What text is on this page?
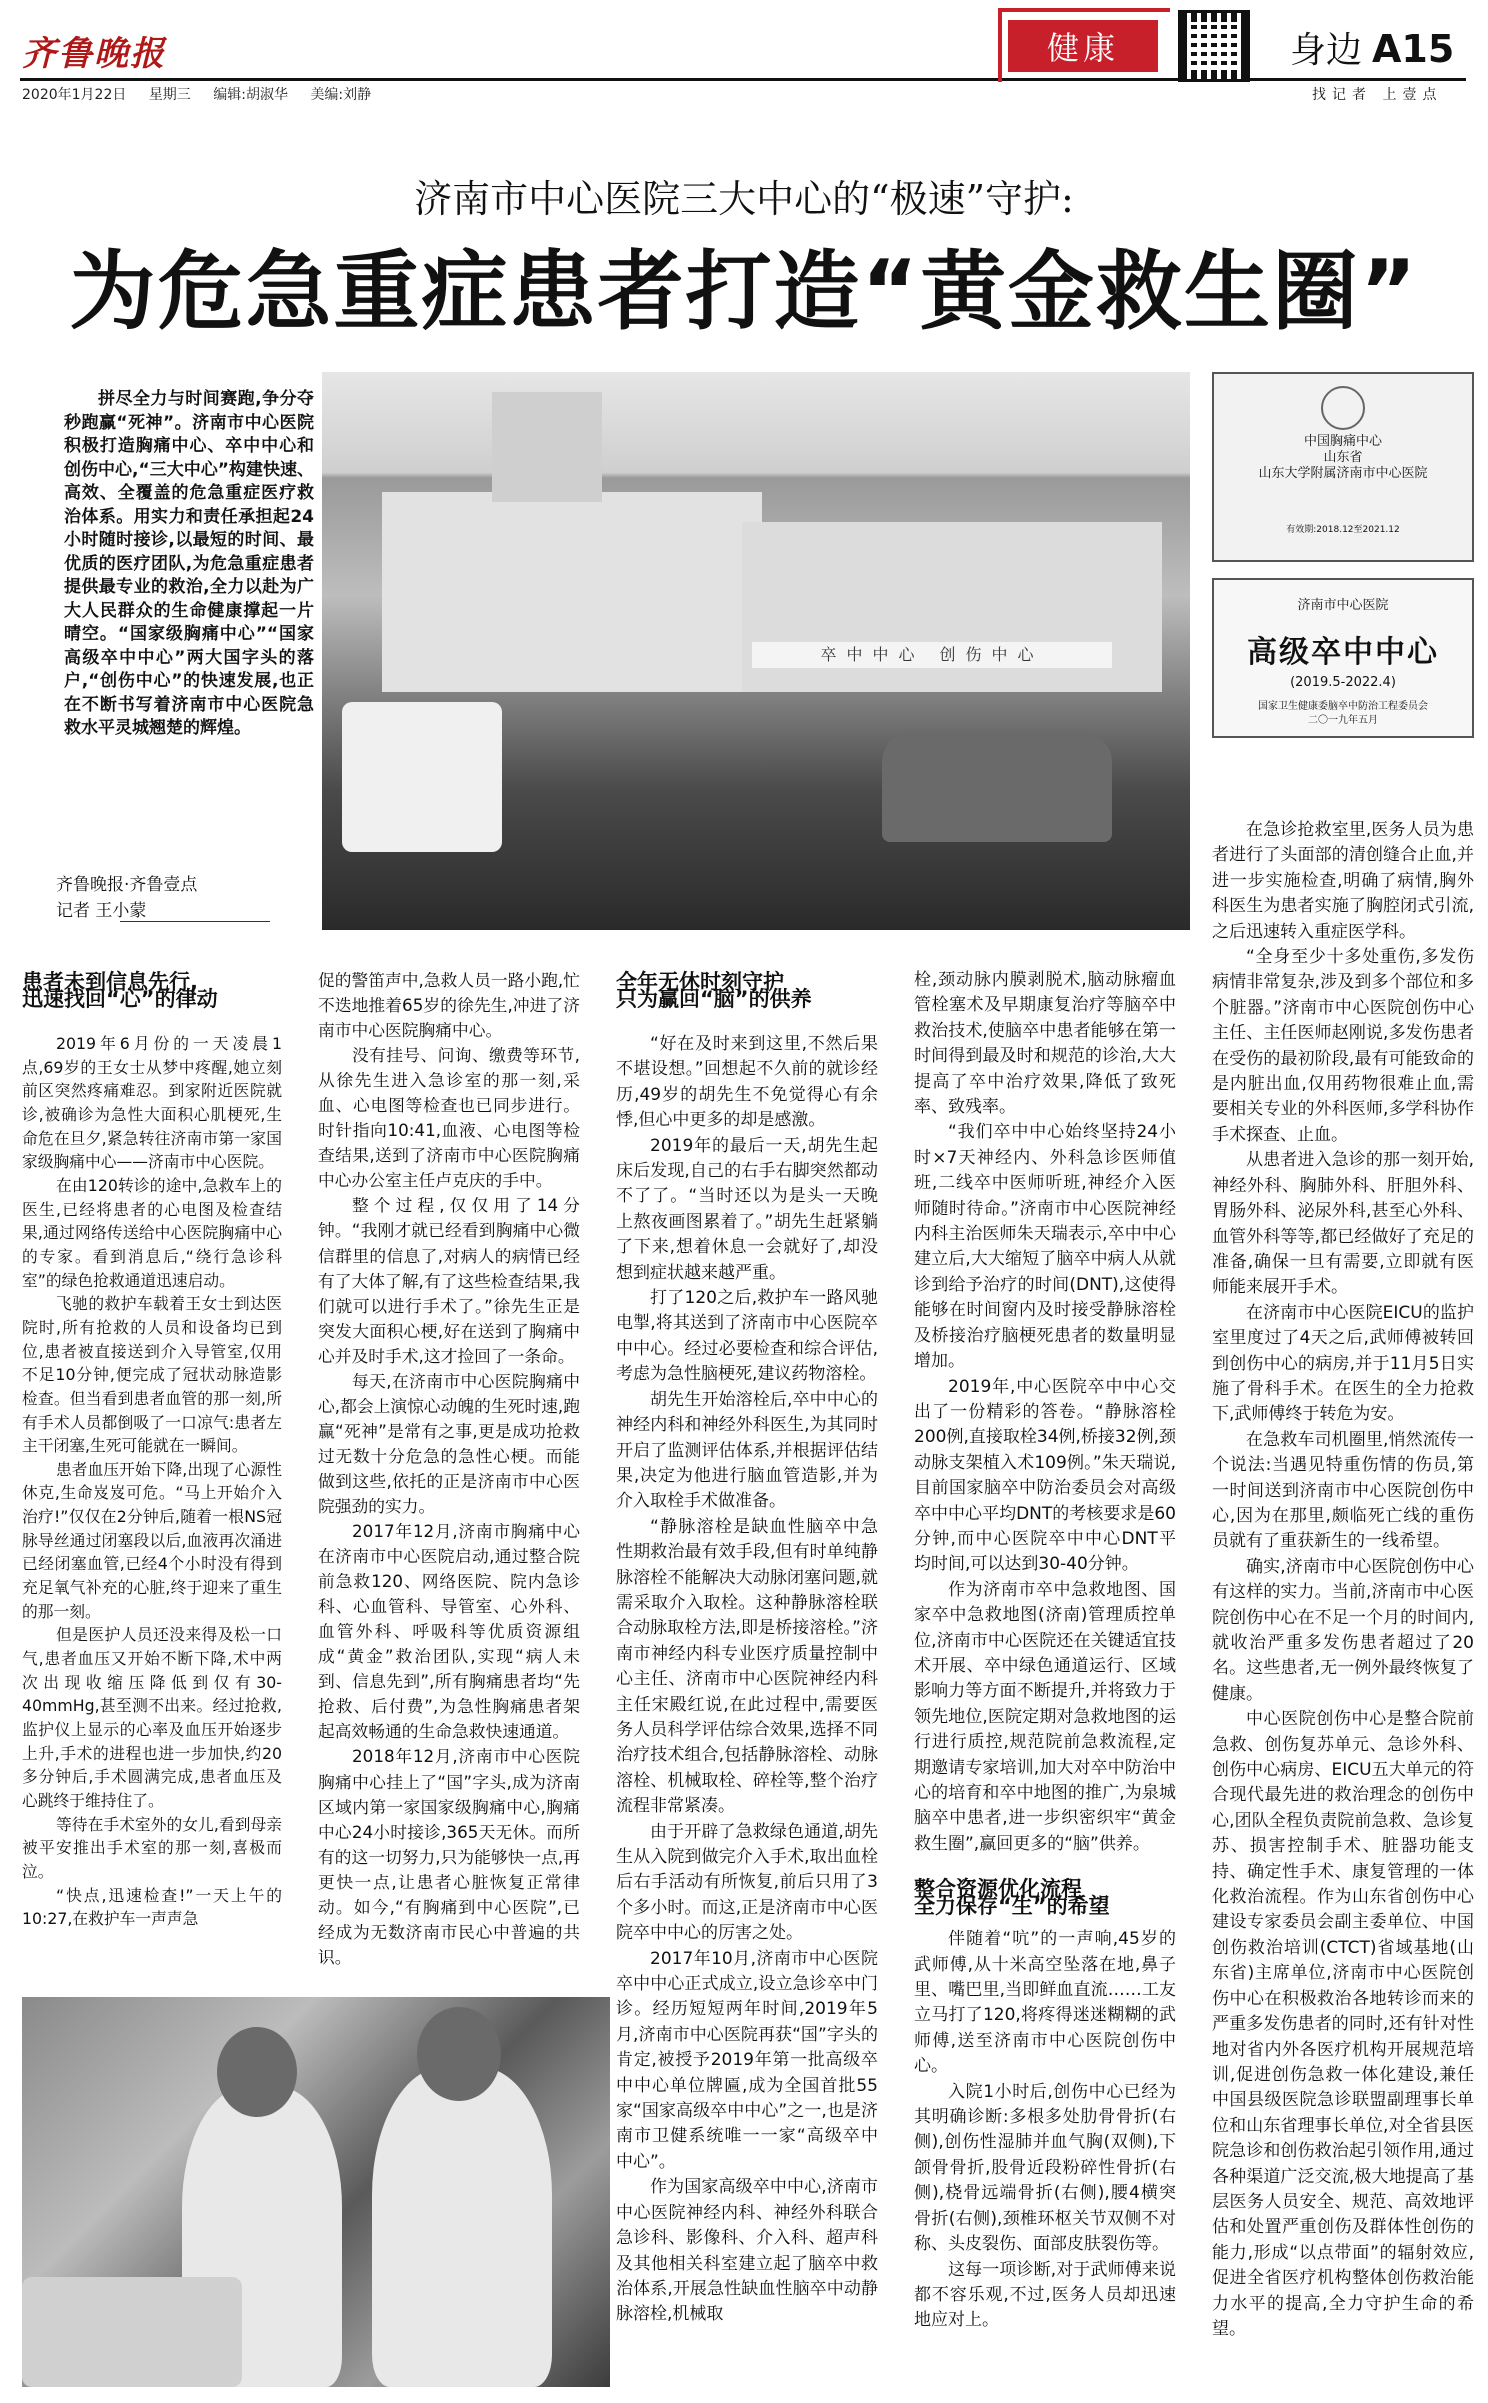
齐鲁晚报
2020年1月22日 星期三 编辑:胡淑华 美编:刘静
健康	身边 A15
找记者 上壹点
济南市中心医院三大中心的“极速”守护:
为危急重症患者打造“黄金救生圈”
拼尽全力与时间赛跑,争分夺秒跑赢“死神”。济南市中心医院积极打造胸痛中心、卒中中心和创伤中心,“三大中心”构建快速、高效、全覆盖的危急重症医疗救治体系。用实力和责任承担起24小时随时接诊,以最短的时间、最优质的医疗团队,为危急重症患者提供最专业的救治,全力以赴为广大人民群众的生命健康撑起一片晴空。“国家级胸痛中心”“国家高级卒中中心”两大国字头的落户,“创伤中心”的快速发展,也正在不断书写着济南市中心医院急救水平灵城翘楚的辉煌。
齐鲁晚报·齐鲁壹点
记者 王小蒙
卒中中心 创伤中心
中国胸痛中心
山东省
山东大学附属济南市中心医院
有效期:2018.12至2021.12
济南市中心医院
高级卒中中心
(2019.5-2022.4)
国家卫生健康委脑卒中防治工程委员会
二〇一九年五月

在急诊抢救室里,医务人员为患者进行了头面部的清创缝合止血,并进一步实施检查,明确了病情,胸外科医生为患者实施了胸腔闭式引流,之后迅速转入重症医学科。

“全身至少十多处重伤,多发伤病情非常复杂,涉及到多个部位和多个脏器。”济南市中心医院创伤中心主任、主任医师赵刚说,多发伤患者在受伤的最初阶段,最有可能致命的是内脏出血,仅用药物很难止血,需要相关专业的外科医师,多学科协作手术探查、止血。

从患者进入急诊的那一刻开始,神经外科、胸肺外科、肝胆外科、胃肠外科、泌尿外科,甚至心外科、血管外科等等,都已经做好了充足的准备,确保一旦有需要,立即就有医师能来展开手术。

在济南市中心医院EICU的监护室里度过了4天之后,武师傅被转回到创伤中心的病房,并于11月5日实施了骨科手术。在医生的全力抢救下,武师傅终于转危为安。

在急救车司机圈里,悄然流传一个说法:当遇见特重伤情的伤员,第一时间送到济南市中心医院创伤中心,因为在那里,颇临死亡线的重伤员就有了重获新生的一线希望。

确实,济南市中心医院创伤中心有这样的实力。当前,济南市中心医院创伤中心在不足一个月的时间内,就收治严重多发伤患者超过了20名。这些患者,无一例外最终恢复了健康。

中心医院创伤中心是整合院前急救、创伤复苏单元、急诊外科、创伤中心病房、EICU五大单元的符合现代最先进的救治理念的创伤中心,团队全程负责院前急救、急诊复苏、损害控制手术、脏器功能支持、确定性手术、康复管理的一体化救治流程。作为山东省创伤中心建设专家委员会副主委单位、中国创伤救治培训(CTCT)省域基地(山东省)主席单位,济南市中心医院创伤中心在积极救治各地转诊而来的严重多发伤患者的同时,还有针对性地对省内外各医疗机构开展规范培训,促进创伤急救一体化建设,兼任中国县级医院急诊联盟副理事长单位和山东省理事长单位,对全省县医院急诊和创伤救治起引领作用,通过各种渠道广泛交流,极大地提高了基层医务人员安全、规范、高效地评估和处置严重创伤及群体性创伤的能力,形成“以点带面”的辐射效应,促进全省医疗机构整体创伤救治能力水平的提高,全力守护生命的希望。

患者未到信息先行,

迅速找回“心”的律动

2019年6月份的一天凌晨1点,69岁的王女士从梦中疼醒,她立刻前区突然疼痛难忍。到家附近医院就诊,被确诊为急性大面积心肌梗死,生命危在旦夕,紧急转往济南市第一家国家级胸痛中心——济南市中心医院。

在由120转诊的途中,急救车上的医生,已经将患者的心电图及检查结果,通过网络传送给中心医院胸痛中心的专家。看到消息后,“绕行急诊科室”的绿色抢救通道迅速启动。

飞驰的救护车载着王女士到达医院时,所有抢救的人员和设备均已到位,患者被直接送到介入导管室,仅用不足10分钟,便完成了冠状动脉造影检查。但当看到患者血管的那一刻,所有手术人员都倒吸了一口凉气:患者左主干闭塞,生死可能就在一瞬间。

患者血压开始下降,出现了心源性休克,生命岌岌可危。“马上开始介入治疗!”仅仅在2分钟后,随着一根NS冠脉导丝通过闭塞段以后,血液再次涌进已经闭塞血管,已经4个小时没有得到充足氧气补充的心脏,终于迎来了重生的那一刻。

但是医护人员还没来得及松一口气,患者血压又开始不断下降,术中两次出现收缩压降低到仅有30-40mmHg,甚至测不出来。经过抢救,监护仪上显示的心率及血压开始逐步上升,手术的进程也进一步加快,约20多分钟后,手术圆满完成,患者血压及心跳终于维持住了。

等待在手术室外的女儿,看到母亲被平安推出手术室的那一刻,喜极而泣。

“快点,迅速检查!”一天上午的10:27,在救护车一声声急

促的警笛声中,急救人员一路小跑,忙不迭地推着65岁的徐先生,冲进了济南市中心医院胸痛中心。

没有挂号、问询、缴费等环节,从徐先生进入急诊室的那一刻,采血、心电图等检查也已同步进行。时针指向10:41,血液、心电图等检查结果,送到了济南市中心医院胸痛中心办公室主任卢克庆的手中。

整个过程,仅仅用了14分钟。“我刚才就已经看到胸痛中心微信群里的信息了,对病人的病情已经有了大体了解,有了这些检查结果,我们就可以进行手术了。”徐先生正是突发大面积心梗,好在送到了胸痛中心并及时手术,这才捡回了一条命。

每天,在济南市中心医院胸痛中心,都会上演惊心动魄的生死时速,跑赢“死神”是常有之事,更是成功抢救过无数十分危急的急性心梗。而能做到这些,依托的正是济南市中心医院强劲的实力。

2017年12月,济南市胸痛中心在济南市中心医院启动,通过整合院前急救120、网络医院、院内急诊科、心血管科、导管室、心外科、血管外科、呼吸科等优质资源组成“黄金”救治团队,实现“病人未到、信息先到”,所有胸痛患者均“先抢救、后付费”,为急性胸痛患者架起高效畅通的生命急救快速通道。

2018年12月,济南市中心医院胸痛中心挂上了“国”字头,成为济南区域内第一家国家级胸痛中心,胸痛中心24小时接诊,365天无休。而所有的这一切努力,只为能够快一点,再更快一点,让患者心脏恢复正常律动。如今,“有胸痛到中心医院”,已经成为无数济南市民心中普遍的共识。

全年无休时刻守护

只为赢回“脑”的供养

“好在及时来到这里,不然后果不堪设想。”回想起不久前的就诊经历,49岁的胡先生不免觉得心有余悸,但心中更多的却是感激。

2019年的最后一天,胡先生起床后发现,自己的右手右脚突然都动不了了。“当时还以为是头一天晚上熬夜画图累着了。”胡先生赶紧躺了下来,想着休息一会就好了,却没想到症状越来越严重。

打了120之后,救护车一路风驰电掣,将其送到了济南市中心医院卒中中心。经过必要检查和综合评估,考虑为急性脑梗死,建议药物溶栓。

胡先生开始溶栓后,卒中中心的神经内科和神经外科医生,为其同时开启了监测评估体系,并根据评估结果,决定为他进行脑血管造影,并为介入取栓手术做准备。

“静脉溶栓是缺血性脑卒中急性期救治最有效手段,但有时单纯静脉溶栓不能解决大动脉闭塞问题,就需采取介入取栓。这种静脉溶栓联合动脉取栓方法,即是桥接溶栓。”济南市神经内科专业医疗质量控制中心主任、济南市中心医院神经内科主任宋殿红说,在此过程中,需要医务人员科学评估综合效果,选择不同治疗技术组合,包括静脉溶栓、动脉溶栓、机械取栓、碎栓等,整个治疗流程非常紧凑。

由于开辟了急救绿色通道,胡先生从入院到做完介入手术,取出血栓后右手活动有所恢复,前后只用了3个多小时。而这,正是济南市中心医院卒中中心的厉害之处。

2017年10月,济南市中心医院卒中中心正式成立,设立急诊卒中门诊。经历短短两年时间,2019年5月,济南市中心医院再获“国”字头的肯定,被授予2019年第一批高级卒中中心单位牌匾,成为全国首批55家“国家高级卒中中心”之一,也是济南市卫健系统唯一一家“高级卒中中心”。

作为国家高级卒中中心,济南市中心医院神经内科、神经外科联合急诊科、影像科、介入科、超声科及其他相关科室建立起了脑卒中救治体系,开展急性缺血性脑卒中动静脉溶栓,机械取

栓,颈动脉内膜剥脱术,脑动脉瘤血管栓塞术及早期康复治疗等脑卒中救治技术,使脑卒中患者能够在第一时间得到最及时和规范的诊治,大大提高了卒中治疗效果,降低了致死率、致残率。

“我们卒中中心始终坚持24小时×7天神经内、外科急诊医师值班,二线卒中医师听班,神经介入医师随时待命。”济南市中心医院神经内科主治医师朱天瑞表示,卒中中心建立后,大大缩短了脑卒中病人从就诊到给予治疗的时间(DNT),这使得能够在时间窗内及时接受静脉溶栓及桥接治疗脑梗死患者的数量明显增加。

2019年,中心医院卒中中心交出了一份精彩的答卷。“静脉溶栓200例,直接取栓34例,桥接32例,颈动脉支架植入术109例。”朱天瑞说,目前国家脑卒中防治委员会对高级卒中中心平均DNT的考核要求是60分钟,而中心医院卒中中心DNT平均时间,可以达到30-40分钟。

作为济南市卒中急救地图、国家卒中急救地图(济南)管理质控单位,济南市中心医院还在关键适宜技术开展、卒中绿色通道运行、区域影响力等方面不断提升,并将致力于领先地位,医院定期对急救地图的运行进行质控,规范院前急救流程,定期邀请专家培训,加大对卒中防治中心的培育和卒中地图的推广,为泉城脑卒中患者,进一步织密织牢“黄金救生圈”,赢回更多的“脑”供养。

整合资源优化流程

全力保存“生”的希望

伴随着“吭”的一声响,45岁的武师傅,从十米高空坠落在地,鼻子里、嘴巴里,当即鲜血直流……工友立马打了120,将疼得迷迷糊糊的武师傅,送至济南市中心医院创伤中心。

入院1小时后,创伤中心已经为其明确诊断:多根多处肋骨骨折(右侧),创伤性湿肺并血气胸(双侧),下颌骨骨折,股骨近段粉碎性骨折(右侧),桡骨远端骨折(右侧),腰4横突骨折(右侧),颈椎环枢关节双侧不对称、头皮裂伤、面部皮肤裂伤等。

这每一项诊断,对于武师傅来说都不容乐观,不过,医务人员却迅速地应对上。
